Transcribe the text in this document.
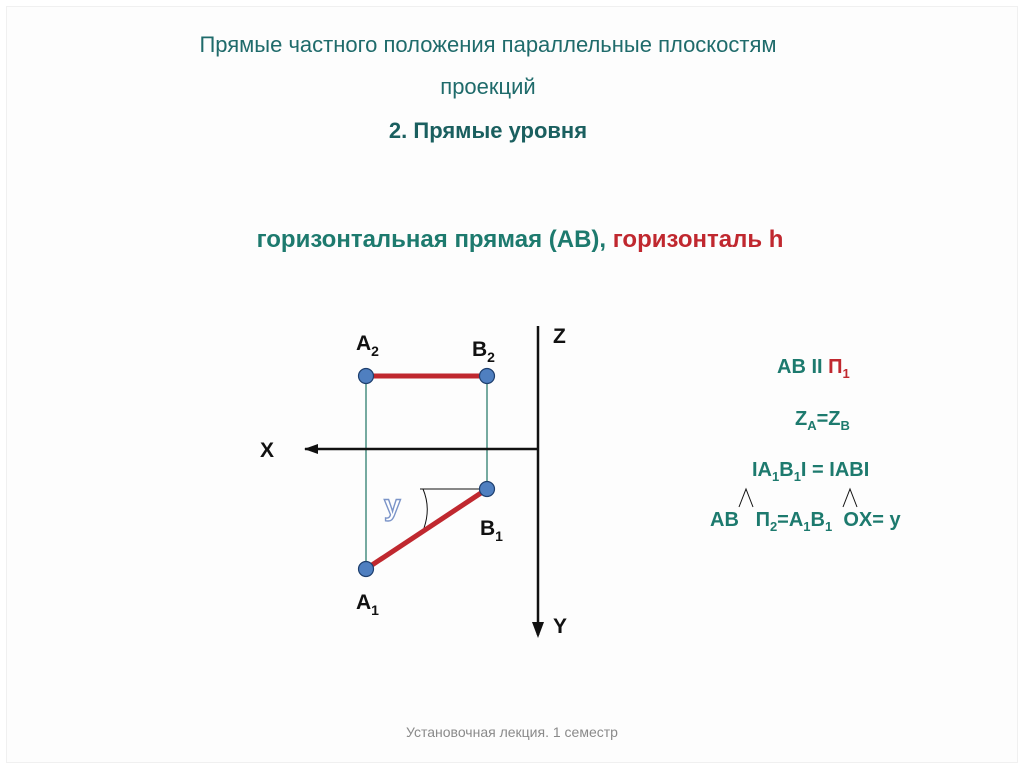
Прямые частного положения параллельные плоскостям
проекций
2. Прямые уровня
горизонтальная прямая (АВ), горизонталь h
Z
X
Y
$A_2$	$B_2$
$B_1$
$A_1$
у
АВ II $П_1$
$Z_A=Z_B$
$IA_1B_1I$ = IABI
AB $П_2=A_1B_1$ OX= у
Установочная лекция. 1 семестр
